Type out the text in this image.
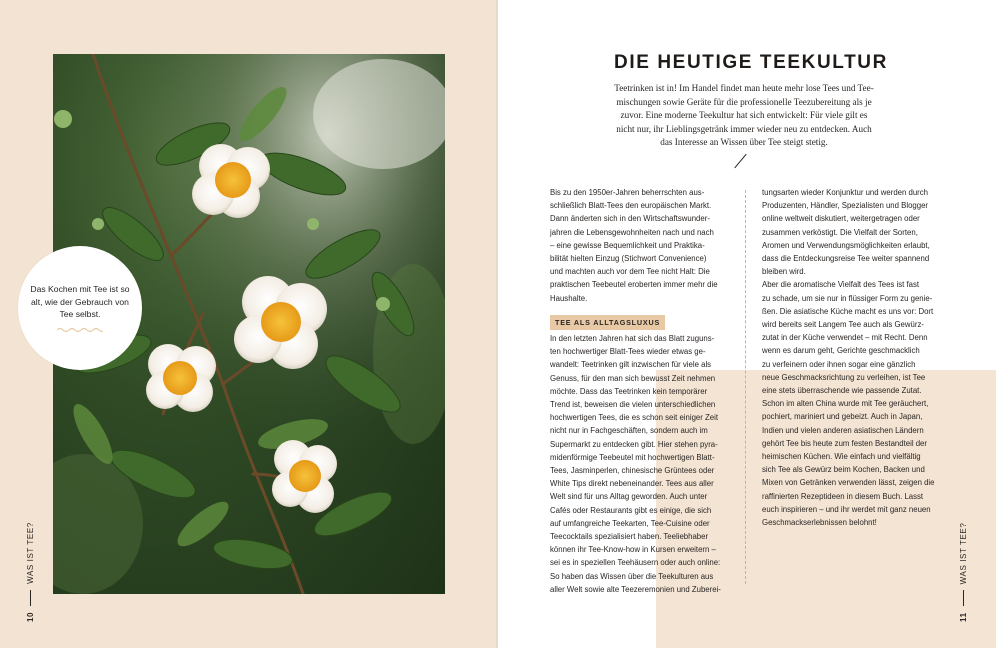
Das Kochen mit Tee ist so alt, wie der Gebrauch von Tee selbst.
10
WAS IST TEE?
DIE HEUTIGE TEEKULTUR
Teetrinken ist in! Im Handel findet man heute mehr lose Tees und Teemischungen sowie Geräte für die professionelle Teezubereitung als je zuvor. Eine moderne Teekultur hat sich entwickelt: Für viele gilt es nicht nur, ihr Lieblingsgetränk immer wieder neu zu entdecken. Auch das Interesse an Wissen über Tee steigt stetig.
Bis zu den 1950er-Jahren beherrschten aus-
schließlich Blatt-Tees den europäischen Markt.
Dann änderten sich in den Wirtschaftswunder-
jahren die Lebensgewohnheiten nach und nach
– eine gewisse Bequemlichkeit und Praktika-
bilität hielten Einzug (Stichwort Convenience)
und machten auch vor dem Tee nicht Halt: Die
praktischen Teebeutel eroberten immer mehr die
Haushalte.
TEE ALS ALLTAGSLUXUS
In den letzten Jahren hat sich das Blatt zuguns-
ten hochwertiger Blatt-Tees wieder etwas ge-
wandelt: Teetrinken gilt inzwischen für viele als
Genuss, für den man sich bewusst Zeit nehmen
möchte. Dass das Teetrinken kein temporärer
Trend ist, beweisen die vielen unterschiedlichen
hochwertigen Tees, die es schon seit einiger Zeit
nicht nur in Fachgeschäften, sondern auch im
Supermarkt zu entdecken gibt. Hier stehen pyra-
midenförmige Teebeutel mit hochwertigen Blatt-
Tees, Jasminperlen, chinesische Grüntees oder
White Tips direkt nebeneinander. Tees aus aller
Welt sind für uns Alltag geworden. Auch unter
Cafés oder Restaurants gibt es einige, die sich
auf umfangreiche Teekarten, Tee-Cuisine oder
Teecocktails spezialisiert haben. Teeliebhaber
können ihr Tee-Know-how in Kursen erweitern –
sei es in speziellen Teehäusern oder auch online:
So haben das Wissen über die Teekulturen aus
aller Welt sowie alte Teezeremonien und Zuberei-
tungsarten wieder Konjunktur und werden durch
Produzenten, Händler, Spezialisten und Blogger
online weltweit diskutiert, weitergetragen oder
zusammen verköstigt. Die Vielfalt der Sorten,
Aromen und Verwendungsmöglichkeiten erlaubt,
dass die Entdeckungsreise Tee weiter spannend
bleiben wird.
Aber die aromatische Vielfalt des Tees ist fast
zu schade, um sie nur in flüssiger Form zu genie-
ßen. Die asiatische Küche macht es uns vor: Dort
wird bereits seit Langem Tee auch als Gewürz-
zutat in der Küche verwendet – mit Recht. Denn
wenn es darum geht, Gerichte geschmacklich
zu verfeinern oder ihnen sogar eine gänzlich
neue Geschmacksrichtung zu verleihen, ist Tee
eine stets überraschende wie passende Zutat.
Schon im alten China wurde mit Tee geräuchert,
pochiert, mariniert und gebeizt. Auch in Japan,
Indien und vielen anderen asiatischen Ländern
gehört Tee bis heute zum festen Bestandteil der
heimischen Küchen. Wie einfach und vielfältig
sich Tee als Gewürz beim Kochen, Backen und
Mixen von Getränken verwenden lässt, zeigen die
raffinierten Rezeptideen in diesem Buch. Lasst
euch inspirieren – und ihr werdet mit ganz neuen
Geschmackserlebnissen belohnt!
11
WAS IST TEE?
